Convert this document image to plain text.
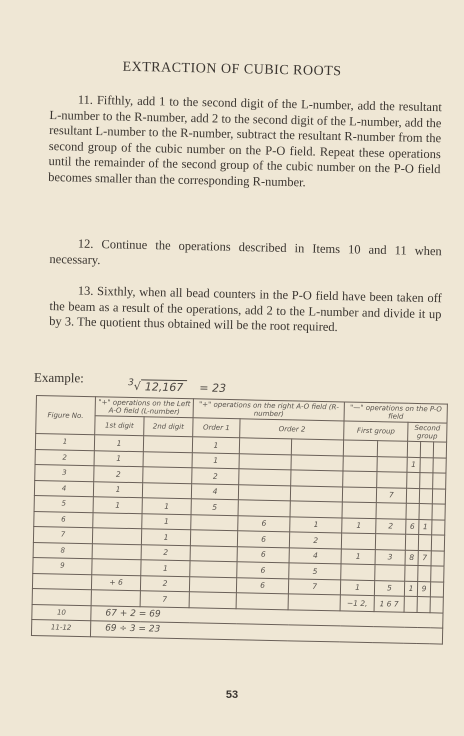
EXTRACTION OF CUBIC ROOTS
11. Fifthly, add 1 to the second digit of the L-number, add the resultant L-number to the R-number, add 2 to the second digit of the L-number, add the resultant L-number to the R-number, subtract the resultant R-number from the second group of the cubic number on the P-O field. Repeat these operations until the remainder of the second group of the cubic number on the P-O field becomes smaller than the corresponding R-number.
12. Continue the operations described in Items 10 and 11 when necessary.
13. Sixthly, when all bead counters in the P-O field have been taken off the beam as a result of the operations, add 2 to the L-number and divide it up by 3. The quotient thus obtained will be the root required.
Example:	$^3$√ 12,167 = 23
Figure No.	"+" operations on the Left A-O field (L-number)		"+" operations on the right A-O field (R-number)			"—" operations on the P-O field				
	1st digit	2nd digit	Order 1	Order 2		First group		Second group		
1	1		1							
2	1		1					1		
3	2		2							
4	1		4				7			
5	1	1	5							
6		1		6	1	1	2	6	1	
7		1		6	2					
8		2		6	4	1	3	8	7	
9		1		6	5					
	+ 6	2		6	7	1	5	1	9	
		7				−1 2,	1 6 7			
10	67 + 2 = 69									
11-12	69 ÷ 3 = 23									
53
